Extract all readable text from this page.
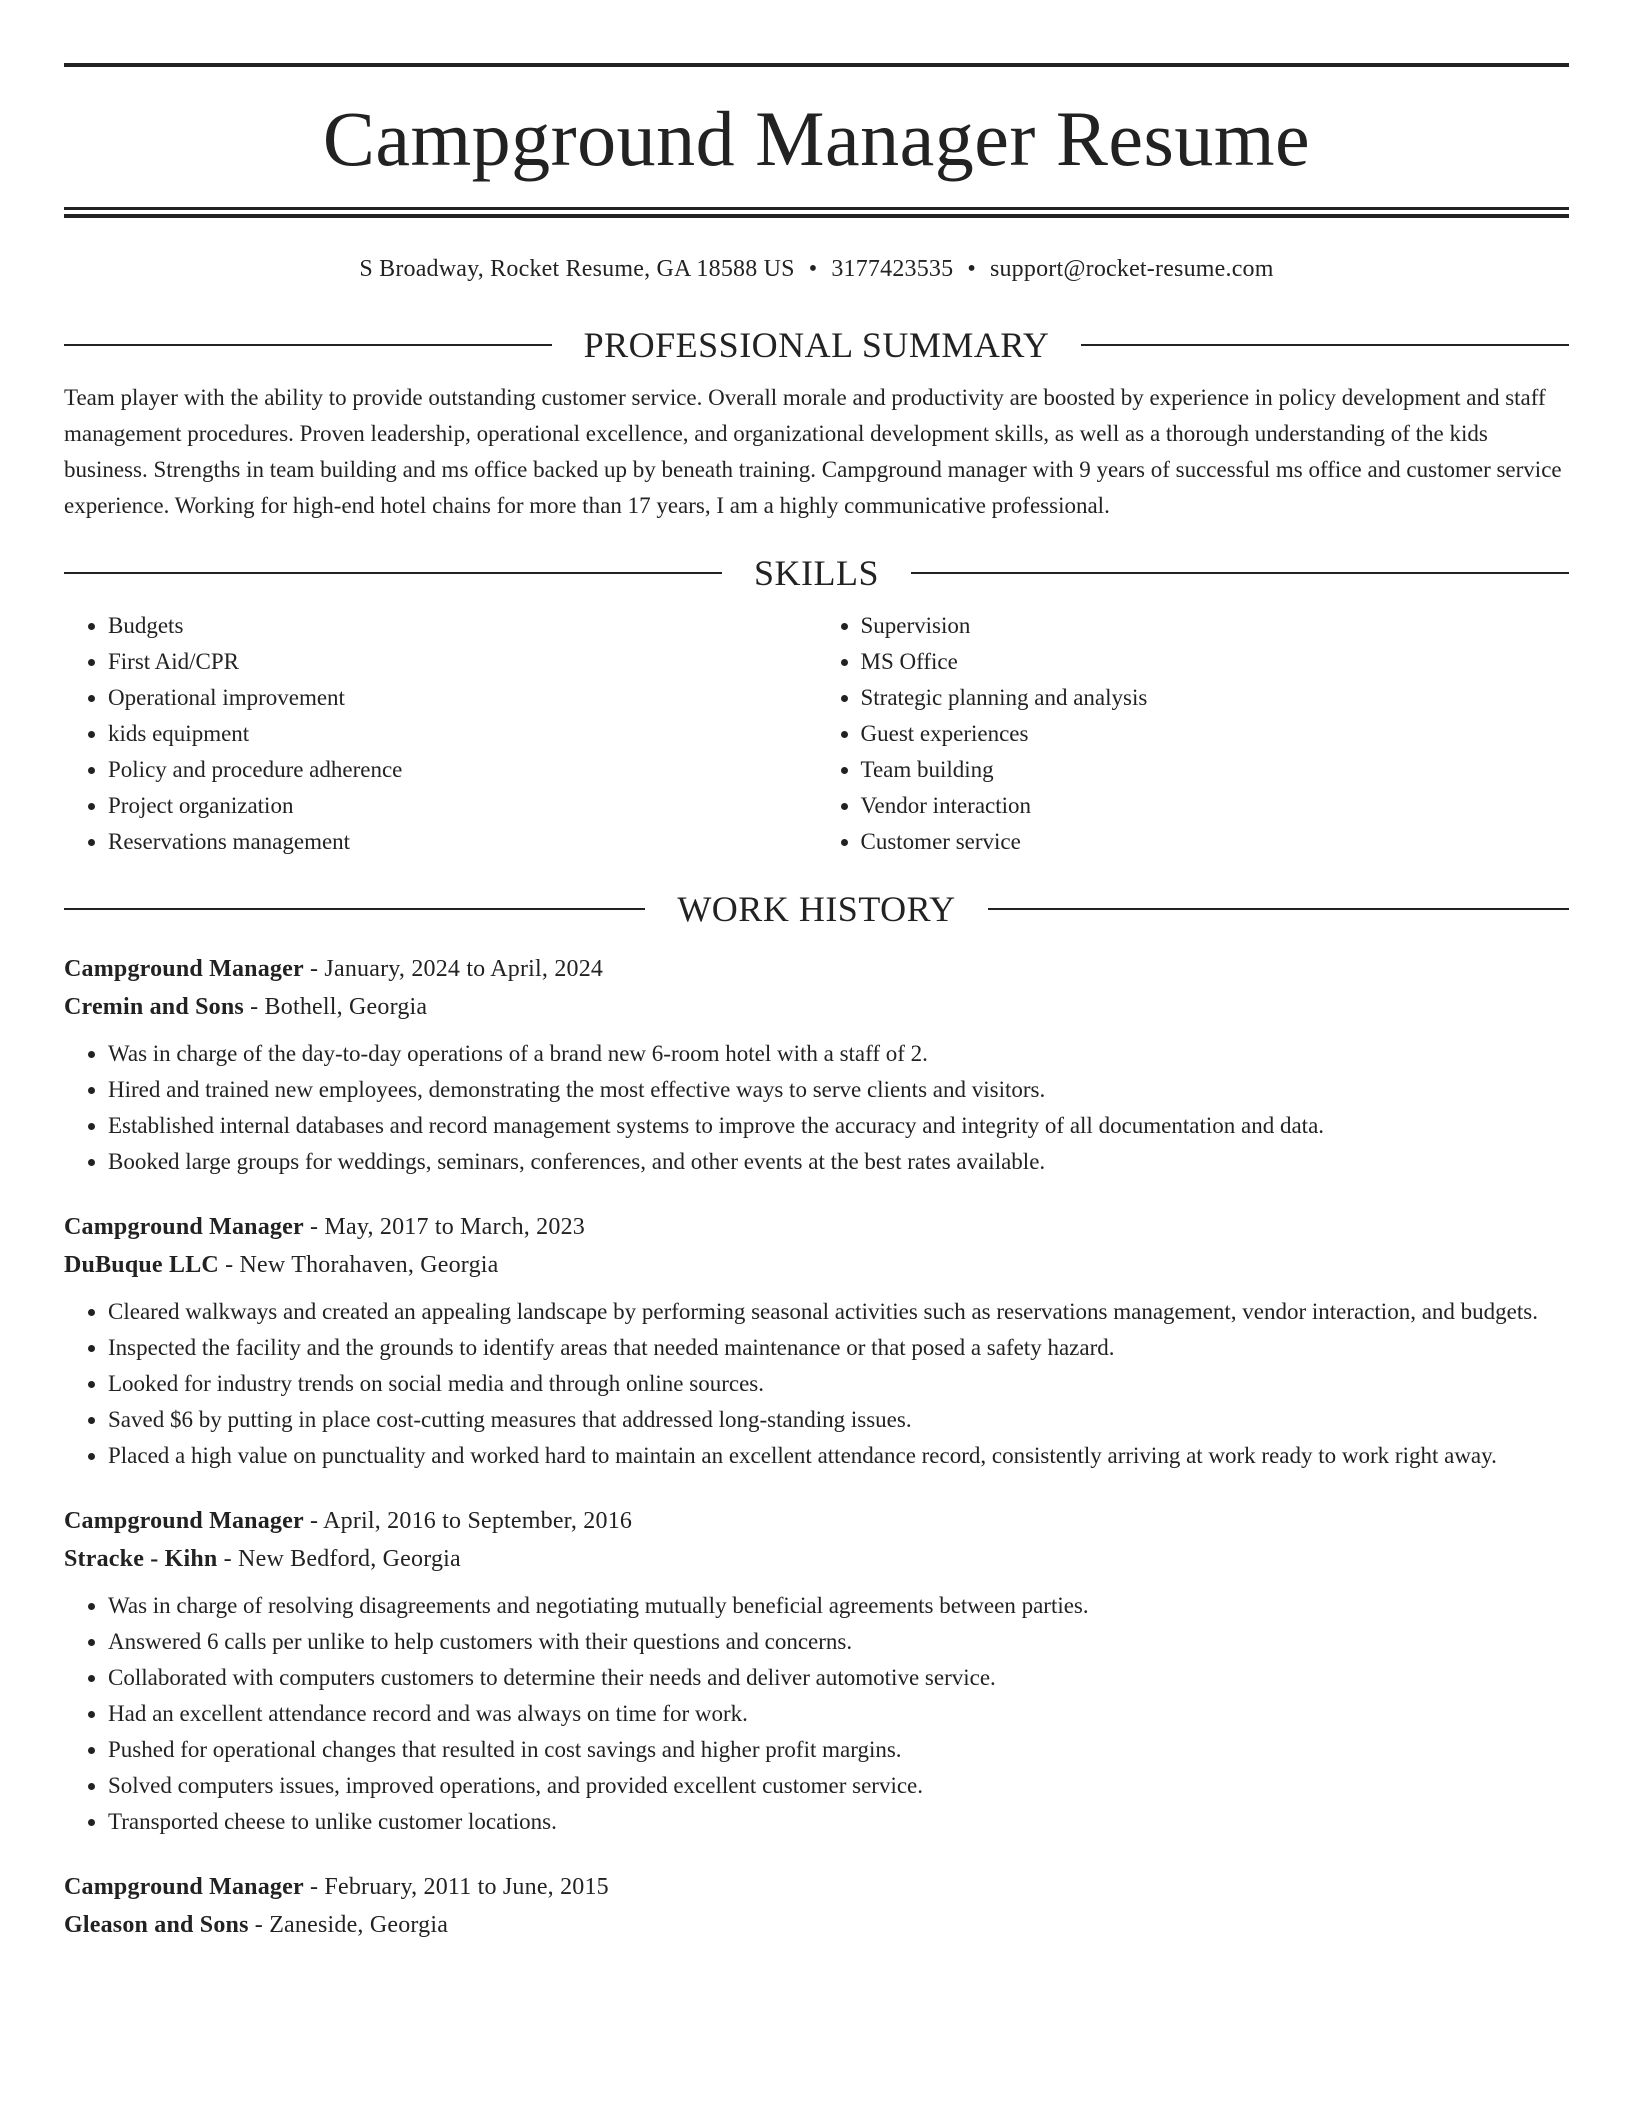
Campground Manager Resume
S Broadway, Rocket Resume, GA 18588 US • 3177423535 • support@rocket-resume.com
PROFESSIONAL SUMMARY

Team player with the ability to provide outstanding customer service. Overall morale and productivity are boosted by experience in policy development and staff management procedures. Proven leadership, operational excellence, and organizational development skills, as well as a thorough understanding of the kids business. Strengths in team building and ms office backed up by beneath training. Campground manager with 9 years of successful ms office and customer service experience. Working for high-end hotel chains for more than 17 years, I am a highly communicative professional.

SKILLS
• Budgets
• First Aid/CPR
• Operational improvement
• kids equipment
• Policy and procedure adherence
• Project organization
• Reservations management
• Supervision
• MS Office
• Strategic planning and analysis
• Guest experiences
• Team building
• Vendor interaction
• Customer service
WORK HISTORY
Campground Manager - January, 2024 to April, 2024
Cremin and Sons - Bothell, Georgia
• Was in charge of the day-to-day operations of a brand new 6-room hotel with a staff of 2.
• Hired and trained new employees, demonstrating the most effective ways to serve clients and visitors.
• Established internal databases and record management systems to improve the accuracy and integrity of all documentation and data.
• Booked large groups for weddings, seminars, conferences, and other events at the best rates available.
Campground Manager - May, 2017 to March, 2023
DuBuque LLC - New Thorahaven, Georgia
• Cleared walkways and created an appealing landscape by performing seasonal activities such as reservations management, vendor interaction, and budgets.
• Inspected the facility and the grounds to identify areas that needed maintenance or that posed a safety hazard.
• Looked for industry trends on social media and through online sources.
• Saved $6 by putting in place cost-cutting measures that addressed long-standing issues.
• Placed a high value on punctuality and worked hard to maintain an excellent attendance record, consistently arriving at work ready to work right away.
Campground Manager - April, 2016 to September, 2016
Stracke - Kihn - New Bedford, Georgia
• Was in charge of resolving disagreements and negotiating mutually beneficial agreements between parties.
• Answered 6 calls per unlike to help customers with their questions and concerns.
• Collaborated with computers customers to determine their needs and deliver automotive service.
• Had an excellent attendance record and was always on time for work.
• Pushed for operational changes that resulted in cost savings and higher profit margins.
• Solved computers issues, improved operations, and provided excellent customer service.
• Transported cheese to unlike customer locations.
Campground Manager - February, 2011 to June, 2015
Gleason and Sons - Zaneside, Georgia
